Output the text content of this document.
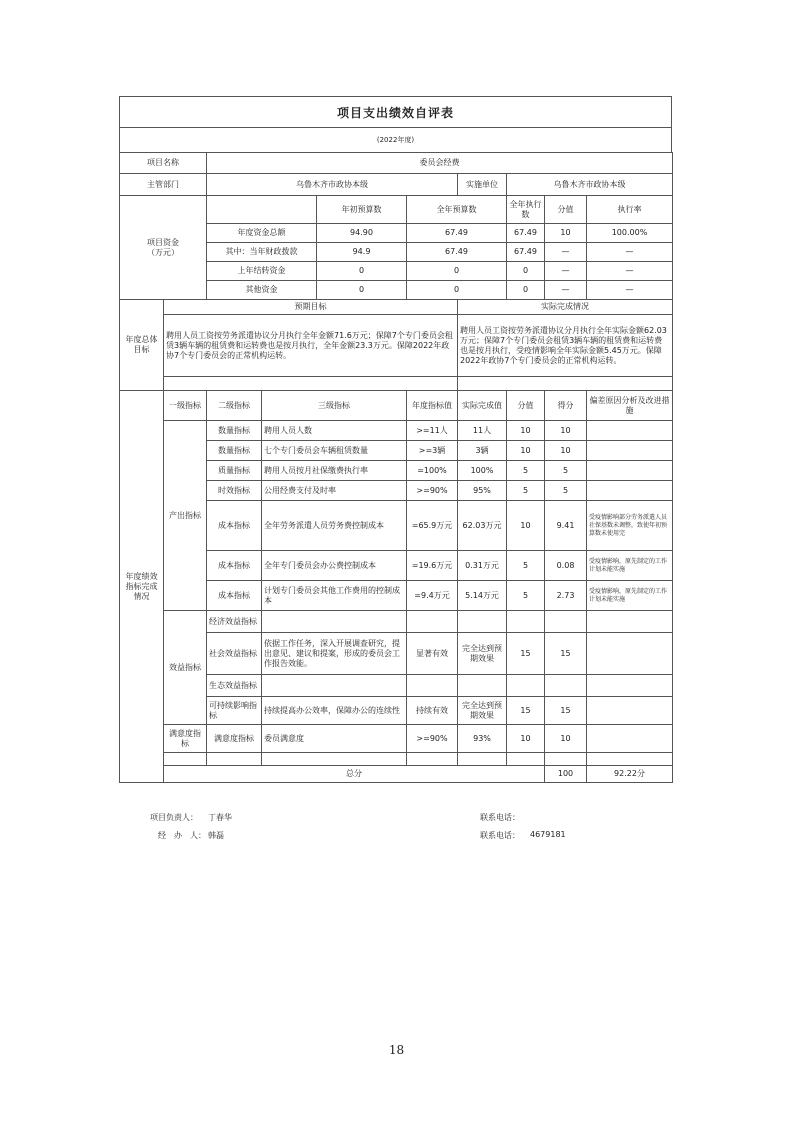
项目支出绩效自评表
(2022年度)
项目名称		委员会经费								
主管部门		乌鲁木齐市政协本级				实施单位	乌鲁木齐市政协本级			
项目资金
（万元）				年初预算数	全年预算数		全年执行数	分值	执行率	
		年度资金总额		94.90	67.49		67.49	10	100.00%	
		其中：当年财政拨款		94.9	67.49		67.49	—	—	
		上年结转资金		0	0		0	—	—	
		其他资金		0	0		0	—	—	
年度总体
目标	预期目标					实际完成情况				
	聘用人员工资按劳务派遣协议分月执行全年金额71.6万元；保障7个专门委员会租赁3辆车辆的租赁费和运转费也是按月执行，全年金额23.3万元。保障2022年政协7个专门委员会的正常机构运转。					聘用人员工资按劳务派遣协议分月执行全年实际金额62.03万元；保障7个专门委员会租赁3辆车辆的租赁费和运转费也是按月执行，受疫情影响全年实际金额5.45万元。保障2022年政协7个专门委员会的正常机构运转。				

年度绩效
指标完成
情况	一级指标	二级指标	三级指标		年度指标值	实际完成值	分值	得分	偏差原因分析及改进措施	
	产出指标	数量指标	聘用人员人数		>=11人	11人	10	10		
		数量指标	七个专门委员会车辆租赁数量		>=3辆	3辆	10	10		
		质量指标	聘用人员按月社保缴费执行率		=100%	100%	5	5		
		时效指标	公用经费支付及时率		>=90%	95%	5	5		
		成本指标	全年劳务派遣人员劳务费控制成本		=65.9万元	62.03万元	10	9.41	受疫情影响部分劳务派遣人员社保基数未调整，致使年初预算数未使用完	
		成本指标	全年专门委员会办公费控制成本		=19.6万元	0.31万元	5	0.08	受疫情影响，原先制定的工作计划未能实施	
		成本指标	计划专门委员会其他工作费用的控制成本		=9.4万元	5.14万元	5	2.73	受疫情影响，原先制定的工作计划未能实施	
	效益指标	经济效益指标								
		社会效益指标	依据工作任务，深入开展调查研究，提出意见、建议和提案，形成的委员会工作报告效能。		显著有效	完全达到预期效果	15	15		
		生态效益指标								
		可持续影响指标	持续提高办公效率，保障办公的连续性		持续有效	完全达到预期效果	15	15		
	满意度指标	满意度指标	委员满意度		>=90%	93%	10	10		

	总分							100	92.22分	
项目负责人： 丁春华	联系电话：
经　办　人： 韩磊	联系电话： 4679181
18
